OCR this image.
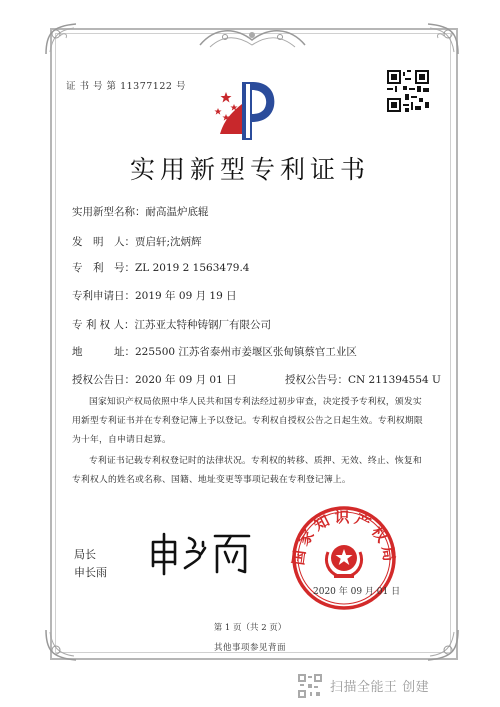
证 书 号 第 11377122 号
实用新型专利证书
实用新型名称：耐高温炉底辊
发　明　人：贾启轩;沈炳辉
专　利　号：ZL 2019 2 1563479.4
专利申请日：2019 年 09 月 19 日
专 利 权 人：江苏亚太特种铸钢厂有限公司
地　　　址：225500 江苏省泰州市姜堰区张甸镇蔡官工业区
授权公告日：2020 年 09 月 01 日	授权公告号：CN 211394554 U
国家知识产权局依照中华人民共和国专利法经过初步审查，决定授予专利权，颁发实用新型专利证书并在专利登记簿上予以登记。专利权自授权公告之日起生效。专利权期限为十年，自申请日起算。
专利证书记载专利权登记时的法律状况。专利权的转移、质押、无效、终止、恢复和专利权人的姓名或名称、国籍、地址变更等事项记载在专利登记簿上。
局长
申长雨
国家知识产权局
2020 年 09 月 01 日
第 1 页（共 2 页）
其他事项参见背面
扫描全能王 创建
